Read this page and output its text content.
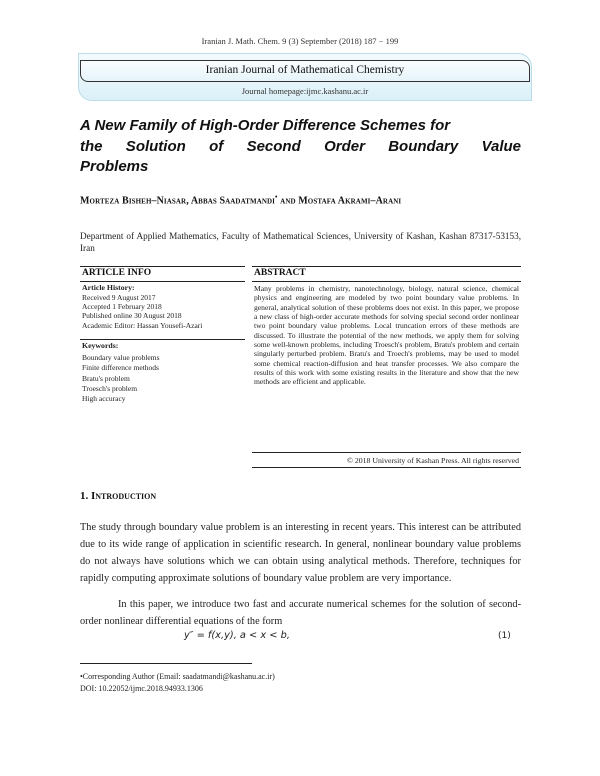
Iranian J. Math. Chem. 9 (3) September (2018) 187 − 199
Iranian Journal of Mathematical Chemistry
Journal homepage:ijmc.kashanu.ac.ir
A New Family of High-Order Difference Schemes for
the Solution of Second Order Boundary Value
Problems
Morteza Bisheh–Niasar, Abbas Saadatmandi• and Mostafa Akrami–Arani
Department of Applied Mathematics, Faculty of Mathematical Sciences, University of Kashan, Kashan 87317-53153, Iran
ARTICLE INFO
Article History:
Received 9 August 2017
Accepted 1 February 2018
Published online 30 August 2018
Academic Editor: Hassan Yousefi-Azari
Keywords:
Boundary value problems
Finite difference methods
Bratu's problem
Troesch's problem
High accuracy
ABSTRACT
Many problems in chemistry, nanotechnology, biology, natural science, chemical physics and engineering are modeled by two point boundary value problems. In general, analytical solution of these problems does not exist. In this paper, we propose a new class of high-order accurate methods for solving special second order nonlinear two point boundary value problems. Local truncation errors of these methods are discussed. To illustrate the potential of the new methods, we apply them for solving some well-known problems, including Troesch's problem, Bratu's problem and certain singularly perturbed problem. Bratu's and Troech's problems, may be used to model some chemical reaction-diffusion and heat transfer processes. We also compare the results of this work with some existing results in the literature and show that the new methods are efficient and applicable.
© 2018 University of Kashan Press. All rights reserved
1. Introduction
The study through boundary value problem is an interesting in recent years. This interest can be attributed due to its wide range of application in scientific research. In general, nonlinear boundary value problems do not always have solutions which we can obtain using analytical methods. Therefore, techniques for rapidly computing approximate solutions of boundary value problem are very importance.
In this paper, we introduce two fast and accurate numerical schemes for the solution of second-order nonlinear differential equations of the form
y″ = f(x,y), a < x < b,	(1)
•Corresponding Author (Email: saadatmandi@kashanu.ac.ir)
DOI: 10.22052/ijmc.2018.94933.1306
